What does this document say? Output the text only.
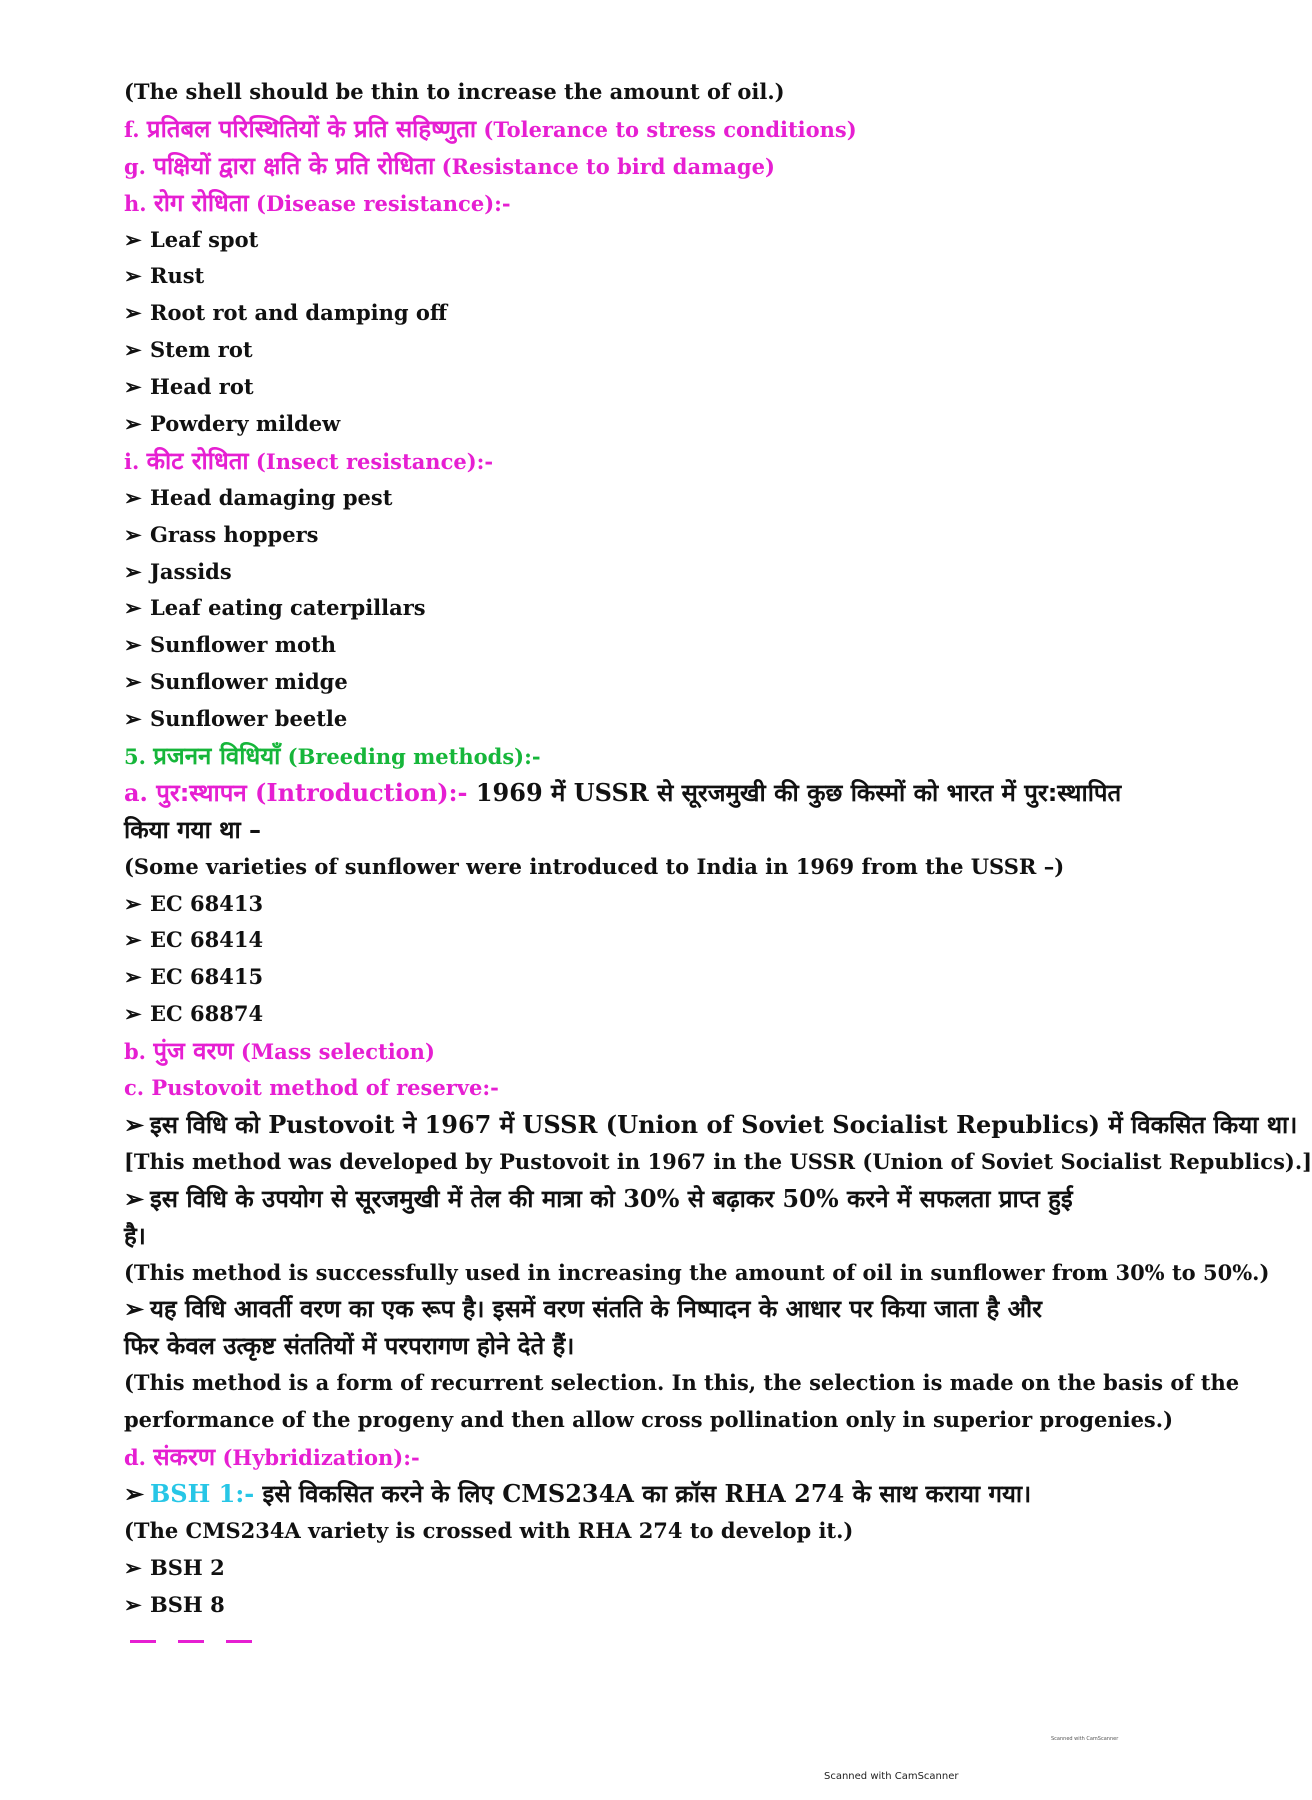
(The shell should be thin to increase the amount of oil.)
f. प्रतिबल परिस्थितियों के प्रति सहिष्णुता (Tolerance to stress conditions)
g. पक्षियों द्वारा क्षति के प्रति रोधिता (Resistance to bird damage)
h. रोग रोधिता (Disease resistance):-
➢ Leaf spot
➢ Rust
➢ Root rot and damping off
➢ Stem rot
➢ Head rot
➢ Powdery mildew
i. कीट रोधिता (Insect resistance):-
➢ Head damaging pest
➢ Grass hoppers
➢ Jassids
➢ Leaf eating caterpillars
➢ Sunflower moth
➢ Sunflower midge
➢ Sunflower beetle
5. प्रजनन विधियाँ (Breeding methods):-
a. पुर:स्थापन (Introduction):- 1969 में USSR से सूरजमुखी की कुछ किस्मों को भारत में पुर:स्थापित
किया गया था –
(Some varieties of sunflower were introduced to India in 1969 from the USSR –)
➢ EC 68413
➢ EC 68414
➢ EC 68415
➢ EC 68874
b. पुंज वरण (Mass selection)
c. Pustovoit method of reserve:-
➢ इस विधि को Pustovoit ने 1967 में USSR (Union of Soviet Socialist Republics) में विकसित किया था।
[This method was developed by Pustovoit in 1967 in the USSR (Union of Soviet Socialist Republics).]
➢ इस विधि के उपयोग से सूरजमुखी में तेल की मात्रा को 30% से बढ़ाकर 50% करने में सफलता प्राप्त हुई
है।
(This method is successfully used in increasing the amount of oil in sunflower from 30% to 50%.)
➢ यह विधि आवर्ती वरण का एक रूप है। इसमें वरण संतति के निष्पादन के आधार पर किया जाता है और
फिर केवल उत्कृष्ट संततियों में परपरागण होने देते हैं।
(This method is a form of recurrent selection. In this, the selection is made on the basis of the
performance of the progeny and then allow cross pollination only in superior progenies.)
d. संकरण (Hybridization):-
➢ BSH 1:- इसे विकसित करने के लिए CMS234A का क्रॉस RHA 274 के साथ कराया गया।
(The CMS234A variety is crossed with RHA 274 to develop it.)
➢ BSH 2
➢ BSH 8
Scanned with CamScanner
Scanned with CamScanner
